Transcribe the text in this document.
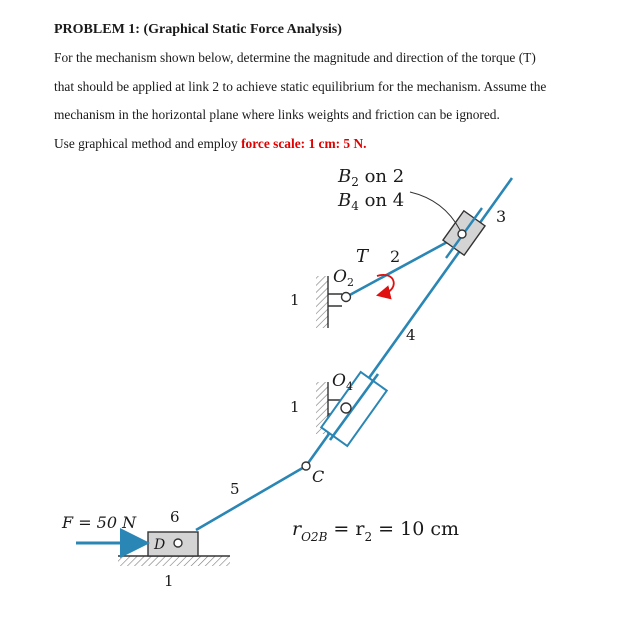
PROBLEM 1: (Graphical Static Force Analysis)

For the mechanism shown below, determine the magnitude and direction of the torque (T)

that should be applied at link 2 to achieve static equilibrium for the mechanism. Assume the

mechanism in the horizontal plane where links weights and friction can be ignored.

Use graphical method and employ force scale: 1 cm: 5 N.

$B_2$ on 2
$B_4$ on 4
3
T 2
$O_2$
1
4
$O_4$
1
C
5
F = 50 N 6
D
1
$r_{O2B} = r_2 = 10$ cm
